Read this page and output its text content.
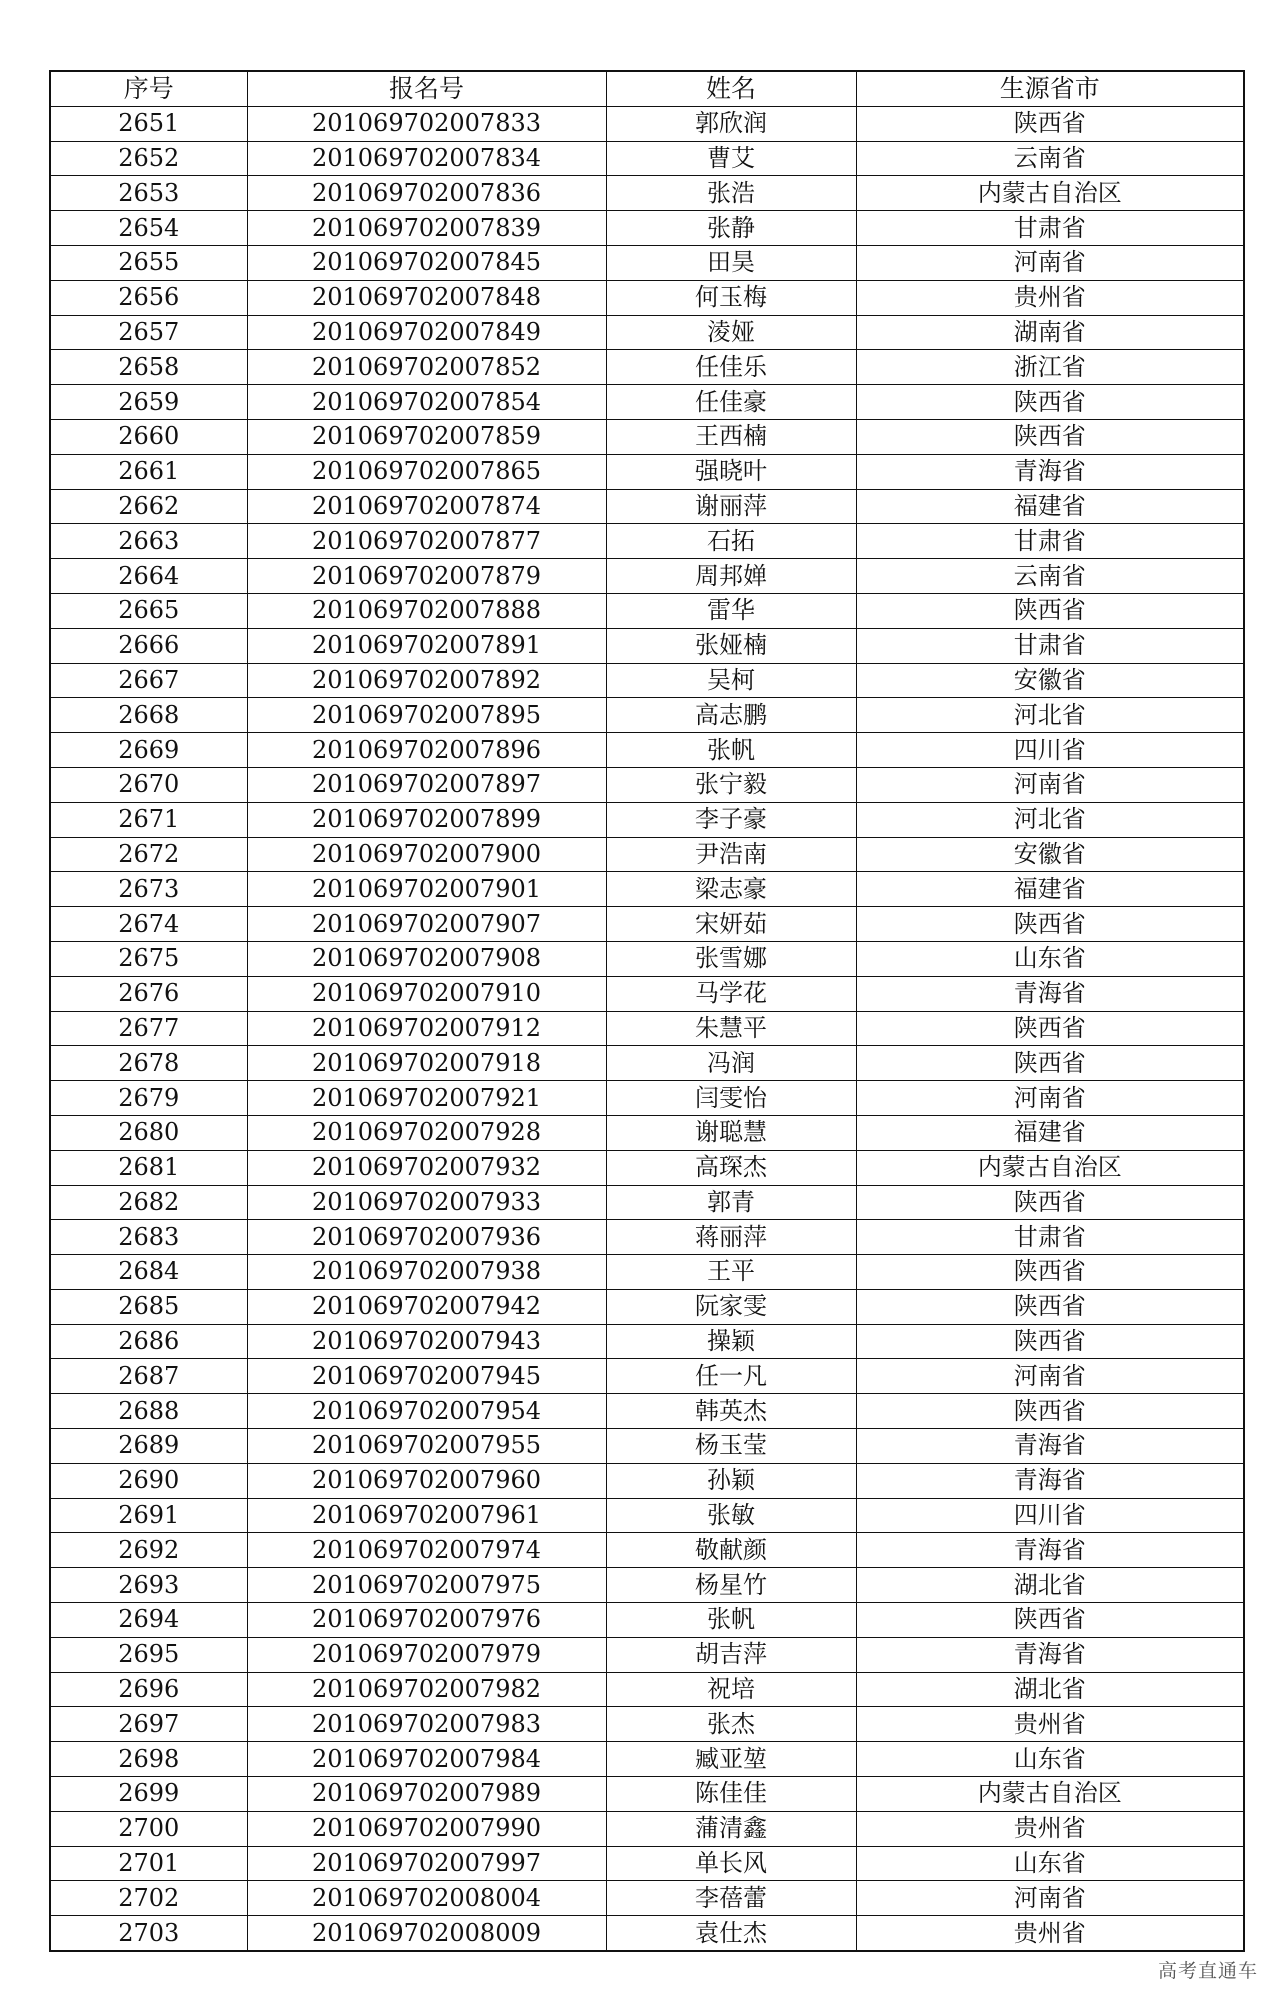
序号	报名号	姓名	生源省市
2651	201069702007833	郭欣润	陕西省
2652	201069702007834	曹艾	云南省
2653	201069702007836	张浩	内蒙古自治区
2654	201069702007839	张静	甘肃省
2655	201069702007845	田昊	河南省
2656	201069702007848	何玉梅	贵州省
2657	201069702007849	淩娅	湖南省
2658	201069702007852	任佳乐	浙江省
2659	201069702007854	任佳豪	陕西省
2660	201069702007859	王西楠	陕西省
2661	201069702007865	强晓叶	青海省
2662	201069702007874	谢丽萍	福建省
2663	201069702007877	石拓	甘肃省
2664	201069702007879	周邦婵	云南省
2665	201069702007888	雷华	陕西省
2666	201069702007891	张娅楠	甘肃省
2667	201069702007892	吴柯	安徽省
2668	201069702007895	高志鹏	河北省
2669	201069702007896	张帆	四川省
2670	201069702007897	张宁毅	河南省
2671	201069702007899	李子豪	河北省
2672	201069702007900	尹浩南	安徽省
2673	201069702007901	梁志豪	福建省
2674	201069702007907	宋妍茹	陕西省
2675	201069702007908	张雪娜	山东省
2676	201069702007910	马学花	青海省
2677	201069702007912	朱慧平	陕西省
2678	201069702007918	冯润	陕西省
2679	201069702007921	闫雯怡	河南省
2680	201069702007928	谢聪慧	福建省
2681	201069702007932	高琛杰	内蒙古自治区
2682	201069702007933	郭青	陕西省
2683	201069702007936	蒋丽萍	甘肃省
2684	201069702007938	王平	陕西省
2685	201069702007942	阮家雯	陕西省
2686	201069702007943	操颖	陕西省
2687	201069702007945	任一凡	河南省
2688	201069702007954	韩英杰	陕西省
2689	201069702007955	杨玉莹	青海省
2690	201069702007960	孙颖	青海省
2691	201069702007961	张敏	四川省
2692	201069702007974	敬献颜	青海省
2693	201069702007975	杨星竹	湖北省
2694	201069702007976	张帆	陕西省
2695	201069702007979	胡吉萍	青海省
2696	201069702007982	祝培	湖北省
2697	201069702007983	张杰	贵州省
2698	201069702007984	臧亚堃	山东省
2699	201069702007989	陈佳佳	内蒙古自治区
2700	201069702007990	蒲清鑫	贵州省
2701	201069702007997	单长风	山东省
2702	201069702008004	李蓓蕾	河南省
2703	201069702008009	袁仕杰	贵州省
高考直通车
